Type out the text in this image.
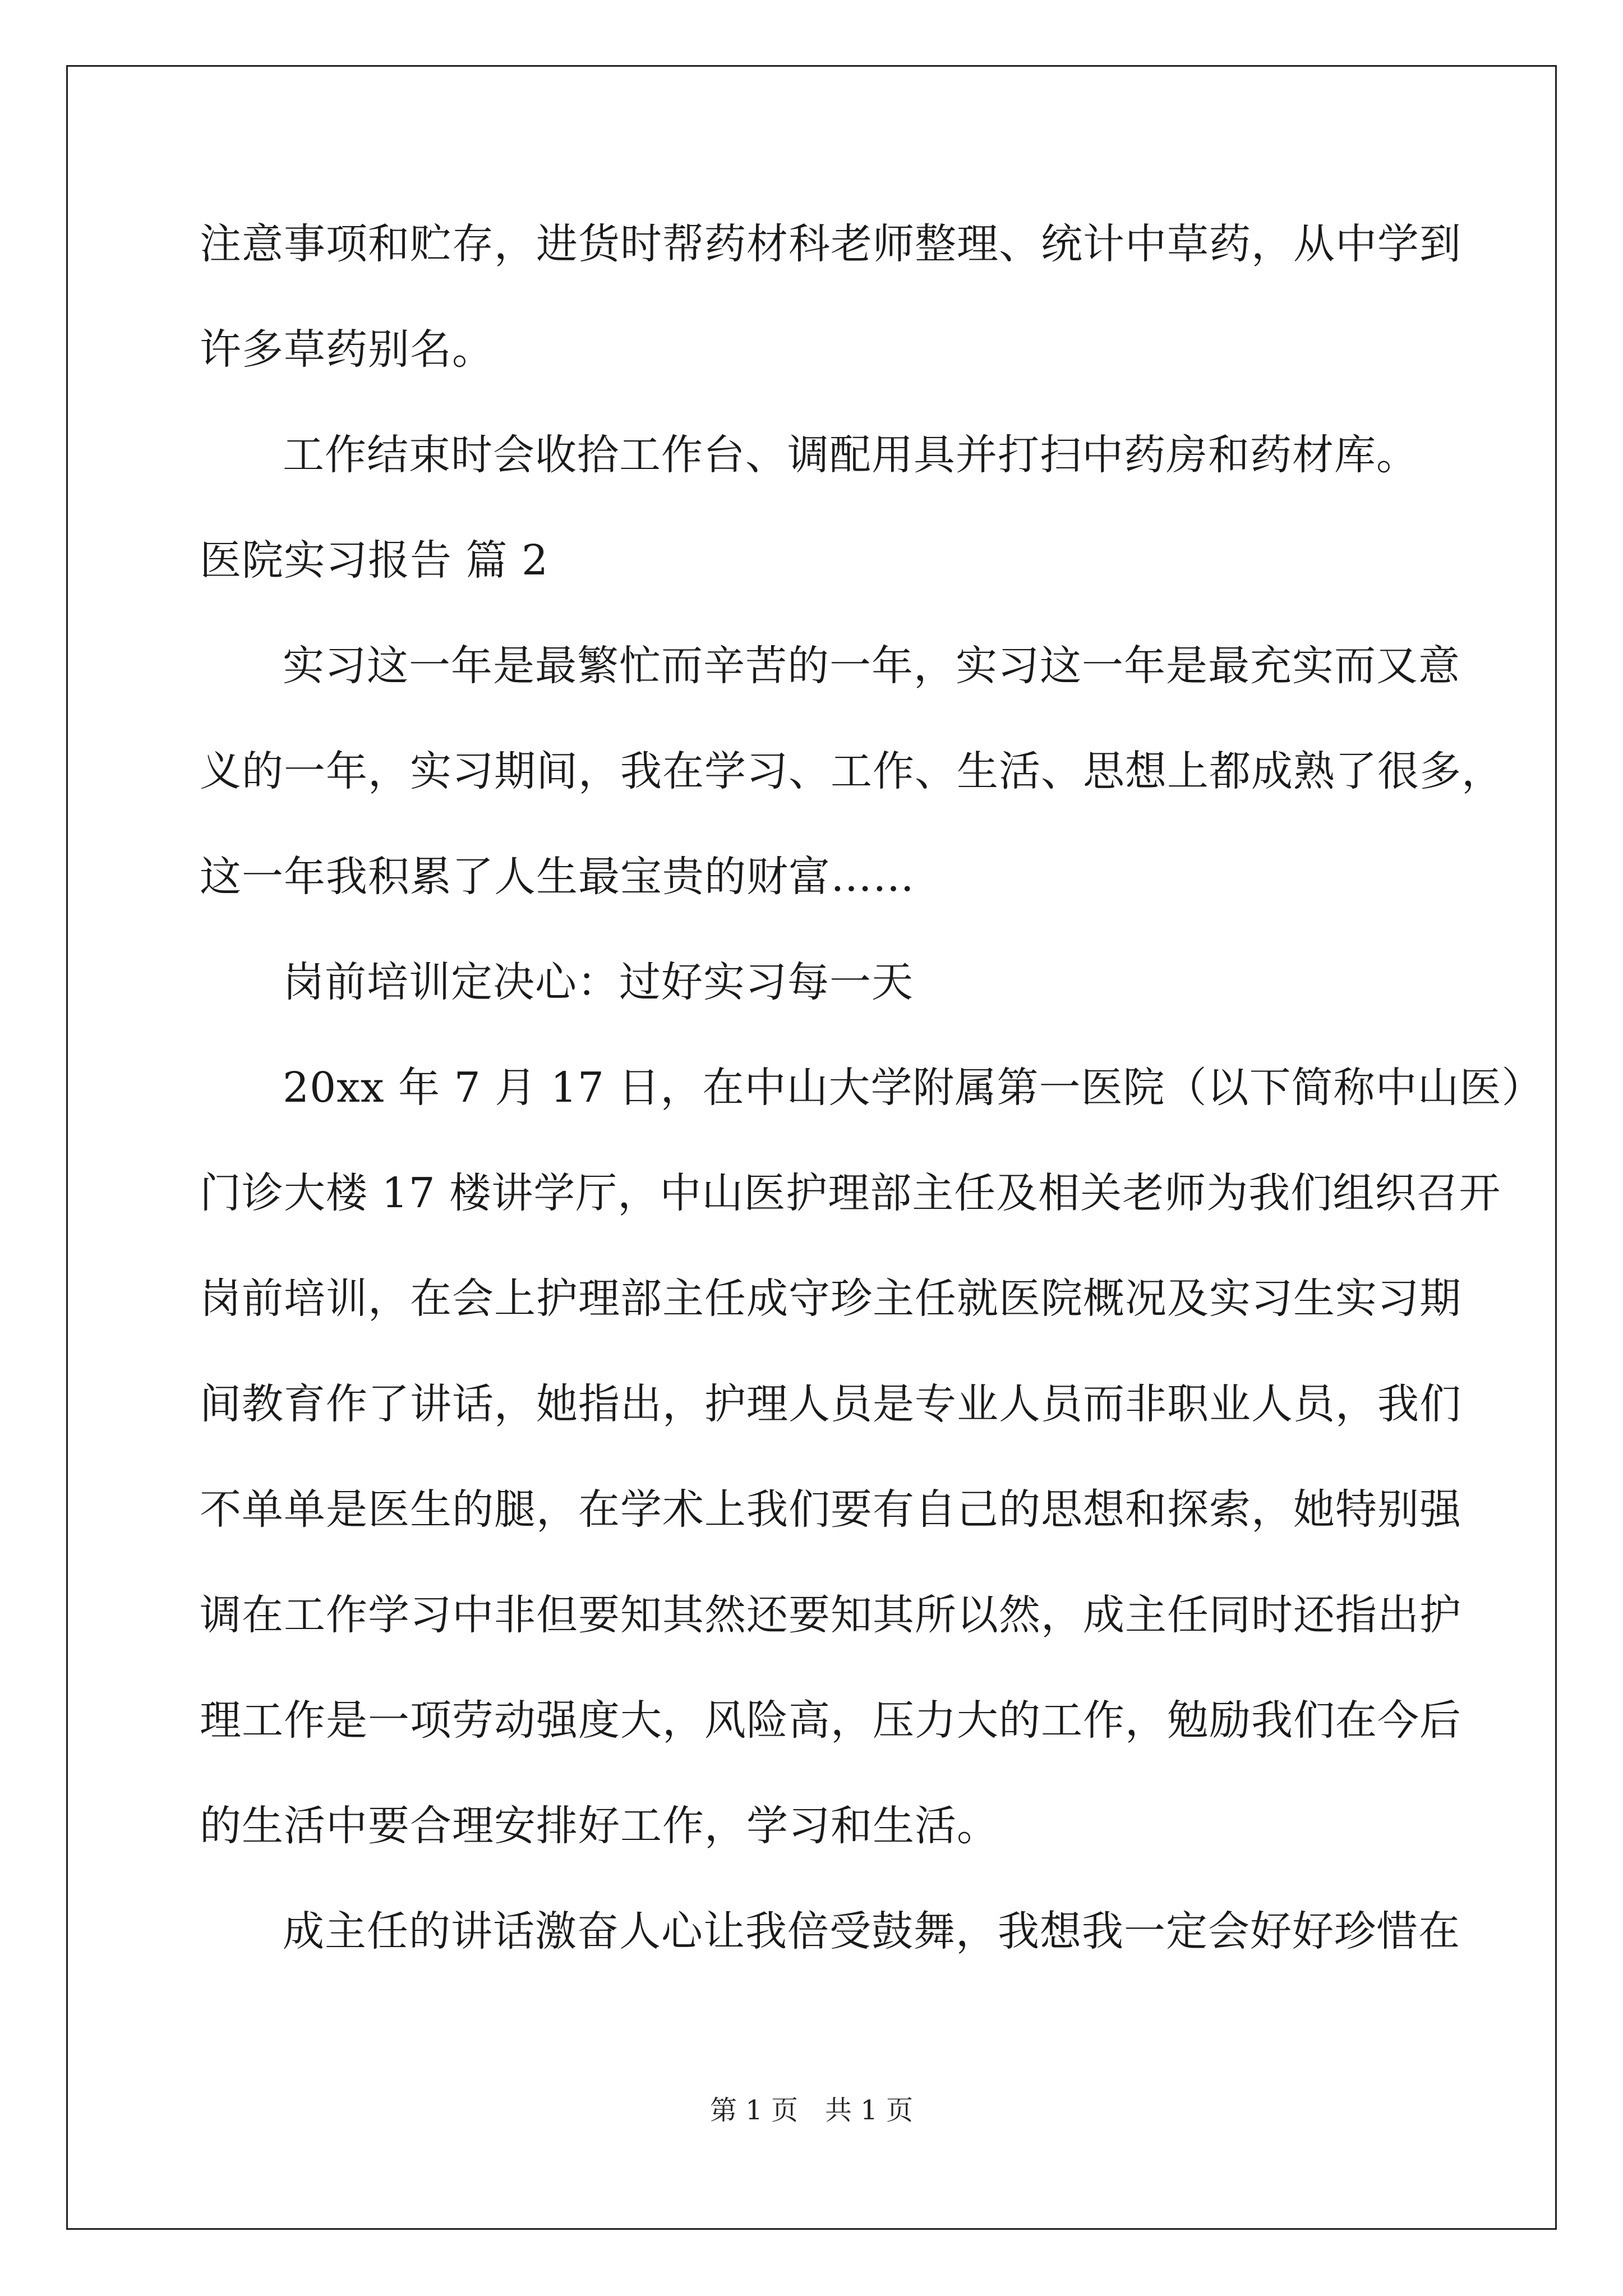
注意事项和贮存，进货时帮药材科老师整理、统计中草药，从中学到
许多草药别名。
工作结束时会收拾工作台、调配用具并打扫中药房和药材库。
医院实习报告 篇 2
实习这一年是最繁忙而辛苦的一年，实习这一年是最充实而又意
义的一年，实习期间，我在学习、工作、生活、思想上都成熟了很多，
这一年我积累了人生最宝贵的财富……
岗前培训定决心：过好实习每一天
20xx 年 7 月 17 日，在中山大学附属第一医院（以下简称中山医）
门诊大楼 17 楼讲学厅，中山医护理部主任及相关老师为我们组织召开
岗前培训，在会上护理部主任成守珍主任就医院概况及实习生实习期
间教育作了讲话，她指出，护理人员是专业人员而非职业人员，我们
不单单是医生的腿，在学术上我们要有自己的思想和探索，她特别强
调在工作学习中非但要知其然还要知其所以然，成主任同时还指出护
理工作是一项劳动强度大，风险高，压力大的工作，勉励我们在今后
的生活中要合理安排好工作，学习和生活。
成主任的讲话激奋人心让我倍受鼓舞，我想我一定会好好珍惜在
第 1 页　共 1 页
